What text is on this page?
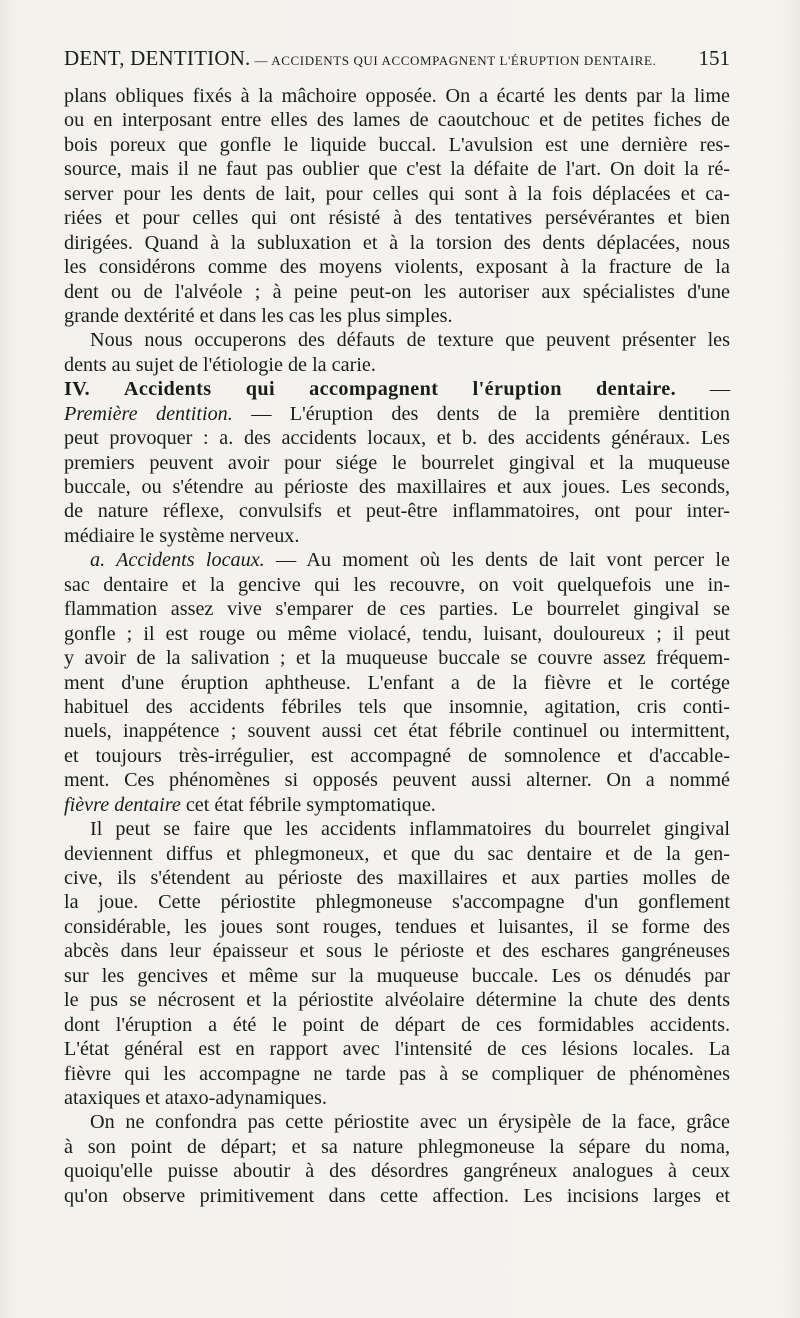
DENT, DENTITION. — ACCIDENTS QUI ACCOMPAGNENT L'ÉRUPTION DENTAIRE. 151
plans obliques fixés à la mâchoire opposée. On a écarté les dents par la lime
ou en interposant entre elles des lames de caoutchouc et de petites fiches de
bois poreux que gonfle le liquide buccal. L'avulsion est une dernière res-
source, mais il ne faut pas oublier que c'est la défaite de l'art. On doit la ré-
server pour les dents de lait, pour celles qui sont à la fois déplacées et ca-
riées et pour celles qui ont résisté à des tentatives persévérantes et bien
dirigées. Quand à la subluxation et à la torsion des dents déplacées, nous
les considérons comme des moyens violents, exposant à la fracture de la
dent ou de l'alvéole ; à peine peut-on les autoriser aux spécialistes d'une
grande dextérité et dans les cas les plus simples.
Nous nous occuperons des défauts de texture que peuvent présenter les
dents au sujet de l'étiologie de la carie.
IV. Accidents qui accompagnent l'éruption dentaire. —
Première dentition. — L'éruption des dents de la première dentition
peut provoquer : a. des accidents locaux, et b. des accidents généraux. Les
premiers peuvent avoir pour siége le bourrelet gingival et la muqueuse
buccale, ou s'étendre au périoste des maxillaires et aux joues. Les seconds,
de nature réflexe, convulsifs et peut-être inflammatoires, ont pour inter-
médiaire le système nerveux.
a. Accidents locaux. — Au moment où les dents de lait vont percer le
sac dentaire et la gencive qui les recouvre, on voit quelquefois une in-
flammation assez vive s'emparer de ces parties. Le bourrelet gingival se
gonfle ; il est rouge ou même violacé, tendu, luisant, douloureux ; il peut
y avoir de la salivation ; et la muqueuse buccale se couvre assez fréquem-
ment d'une éruption aphtheuse. L'enfant a de la fièvre et le cortége
habituel des accidents fébriles tels que insomnie, agitation, cris conti-
nuels, inappétence ; souvent aussi cet état fébrile continuel ou intermittent,
et toujours très-irrégulier, est accompagné de somnolence et d'accable-
ment. Ces phénomènes si opposés peuvent aussi alterner. On a nommé
fièvre dentaire cet état fébrile symptomatique.
Il peut se faire que les accidents inflammatoires du bourrelet gingival
deviennent diffus et phlegmoneux, et que du sac dentaire et de la gen-
cive, ils s'étendent au périoste des maxillaires et aux parties molles de
la joue. Cette périostite phlegmoneuse s'accompagne d'un gonflement
considérable, les joues sont rouges, tendues et luisantes, il se forme des
abcès dans leur épaisseur et sous le périoste et des eschares gangréneuses
sur les gencives et même sur la muqueuse buccale. Les os dénudés par
le pus se nécrosent et la périostite alvéolaire détermine la chute des dents
dont l'éruption a été le point de départ de ces formidables accidents.
L'état général est en rapport avec l'intensité de ces lésions locales. La
fièvre qui les accompagne ne tarde pas à se compliquer de phénomènes
ataxiques et ataxo-adynamiques.
On ne confondra pas cette périostite avec un érysipèle de la face, grâce
à son point de départ; et sa nature phlegmoneuse la sépare du noma,
quoiqu'elle puisse aboutir à des désordres gangréneux analogues à ceux
qu'on observe primitivement dans cette affection. Les incisions larges et
